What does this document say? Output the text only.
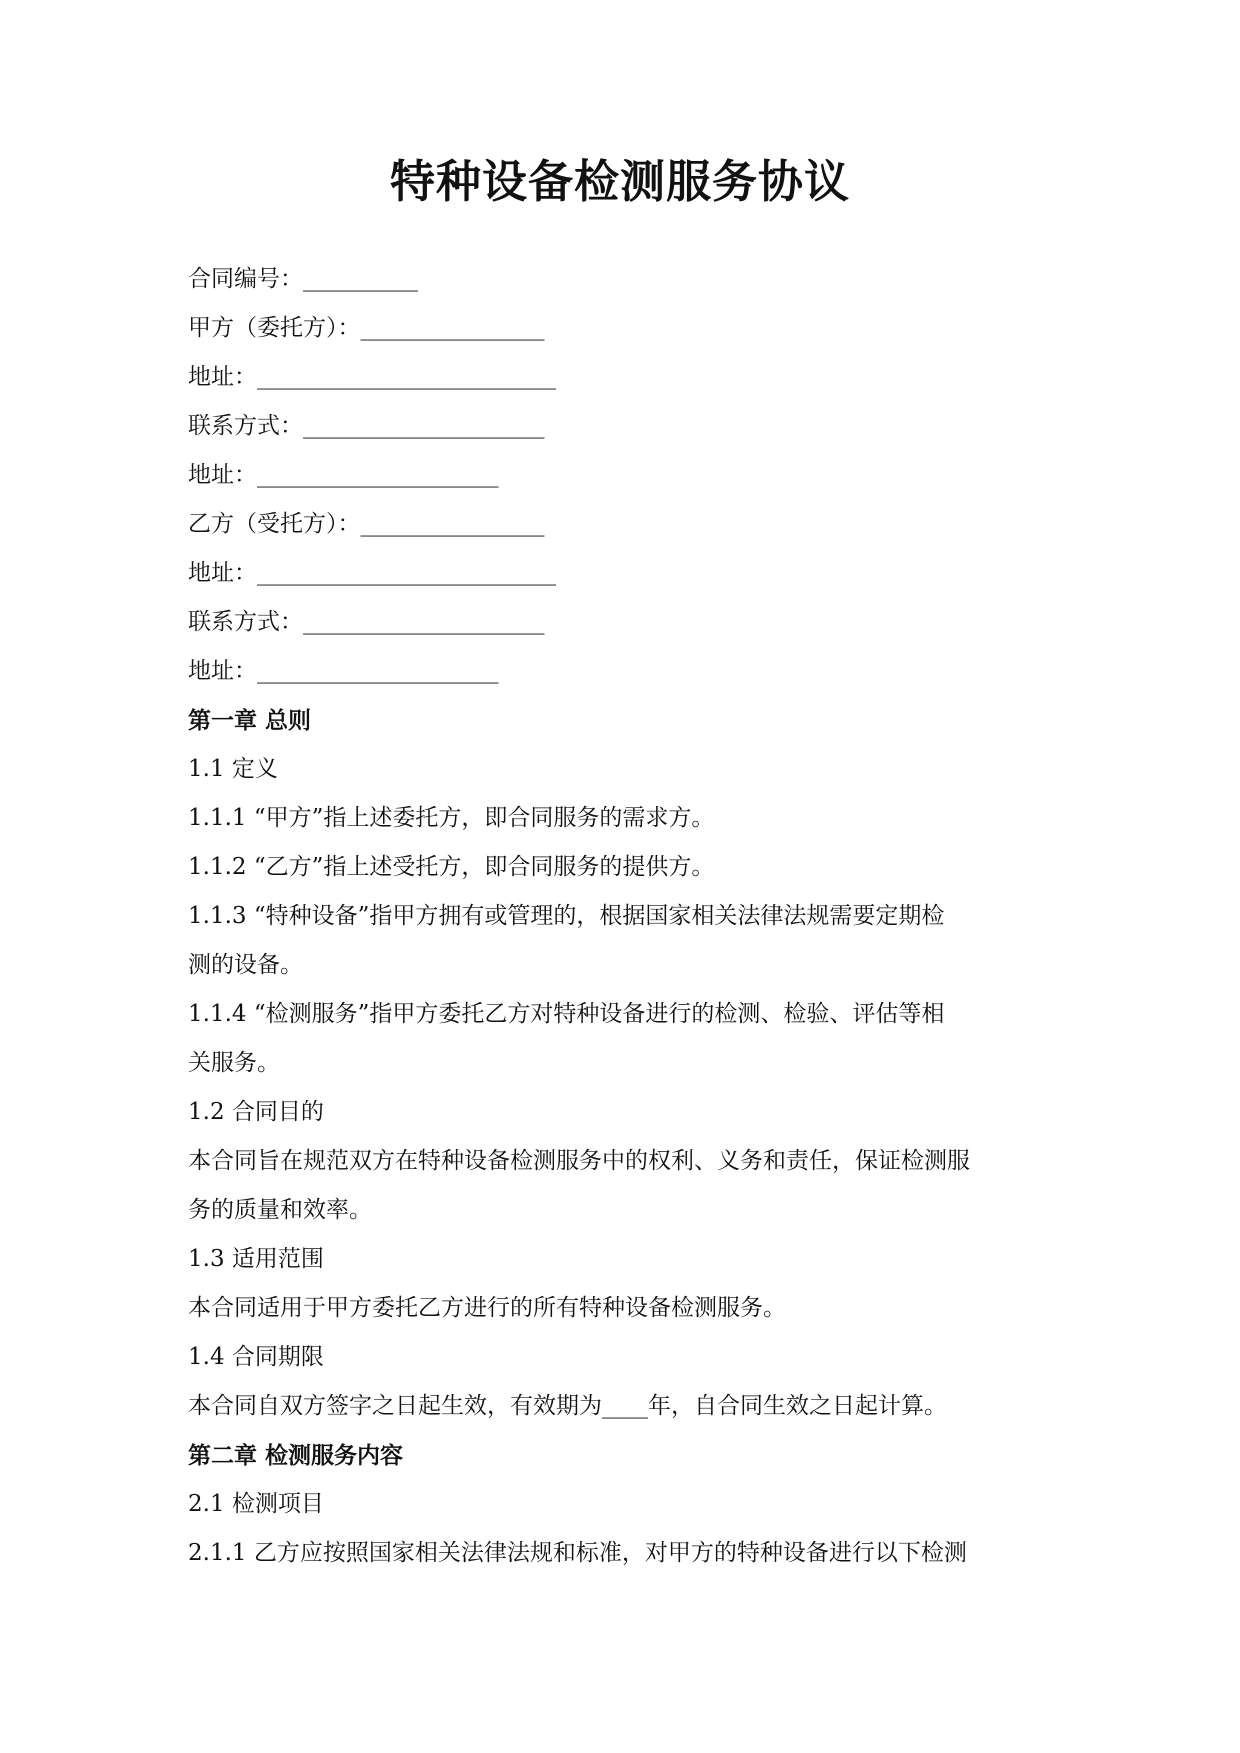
特种设备检测服务协议
合同编号：__________
甲方（委托方）：________________
地址：__________________________
联系方式：_____________________
地址：_____________________
乙方（受托方）：________________
地址：__________________________
联系方式：_____________________
地址：_____________________
第一章 总则
1.1 定义
1.1.1 “甲方”指上述委托方，即合同服务的需求方。
1.1.2 “乙方”指上述受托方，即合同服务的提供方。
1.1.3 “特种设备”指甲方拥有或管理的，根据国家相关法律法规需要定期检
测的设备。
1.1.4 “检测服务”指甲方委托乙方对特种设备进行的检测、检验、评估等相
关服务。
1.2 合同目的
本合同旨在规范双方在特种设备检测服务中的权利、义务和责任，保证检测服
务的质量和效率。
1.3 适用范围
本合同适用于甲方委托乙方进行的所有特种设备检测服务。
1.4 合同期限
本合同自双方签字之日起生效，有效期为____年，自合同生效之日起计算。
第二章 检测服务内容
2.1 检测项目
2.1.1 乙方应按照国家相关法律法规和标准，对甲方的特种设备进行以下检测
